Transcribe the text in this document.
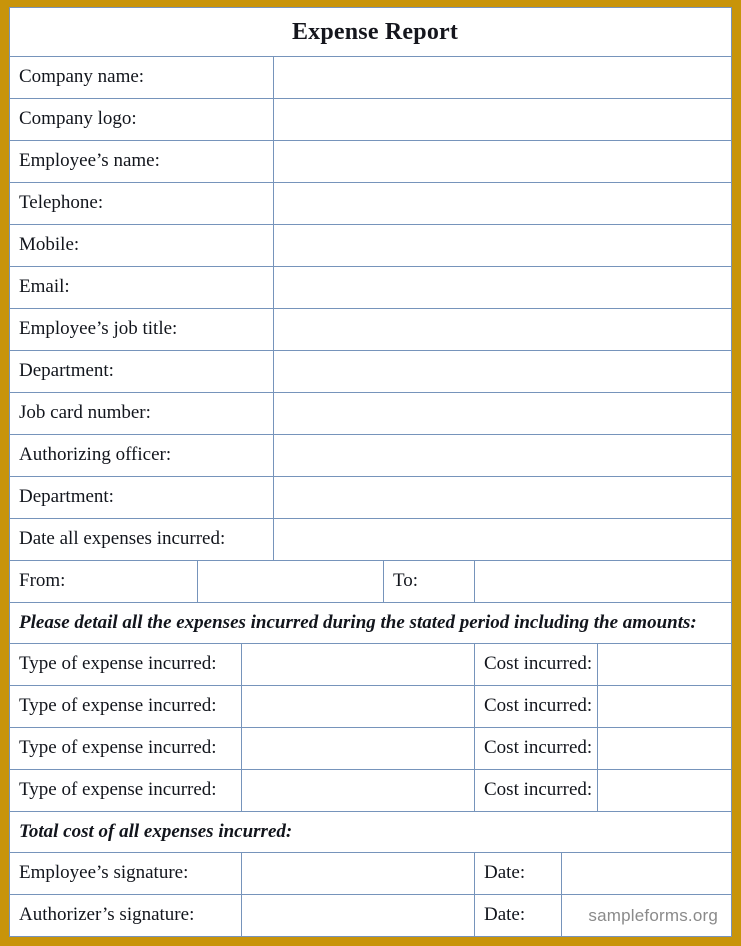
Expense Report							
Company name:							
Company logo:							
Employee’s name:							
Telephone:							
Mobile:							
Email:							
Employee’s job title:							
Department:							
Job card number:							
Authorizing officer:							
Department:							
Date all expenses incurred:							
From:				To:			
Please detail all the expenses incurred during the stated period including the amounts:							
Type of expense incurred:					Cost incurred:		
Type of expense incurred:					Cost incurred:		
Type of expense incurred:					Cost incurred:		
Type of expense incurred:					Cost incurred:		
Total cost of all expenses incurred:							
Employee’s signature:					Date:		
Authorizer’s signature:					Date:			sampleforms.org
